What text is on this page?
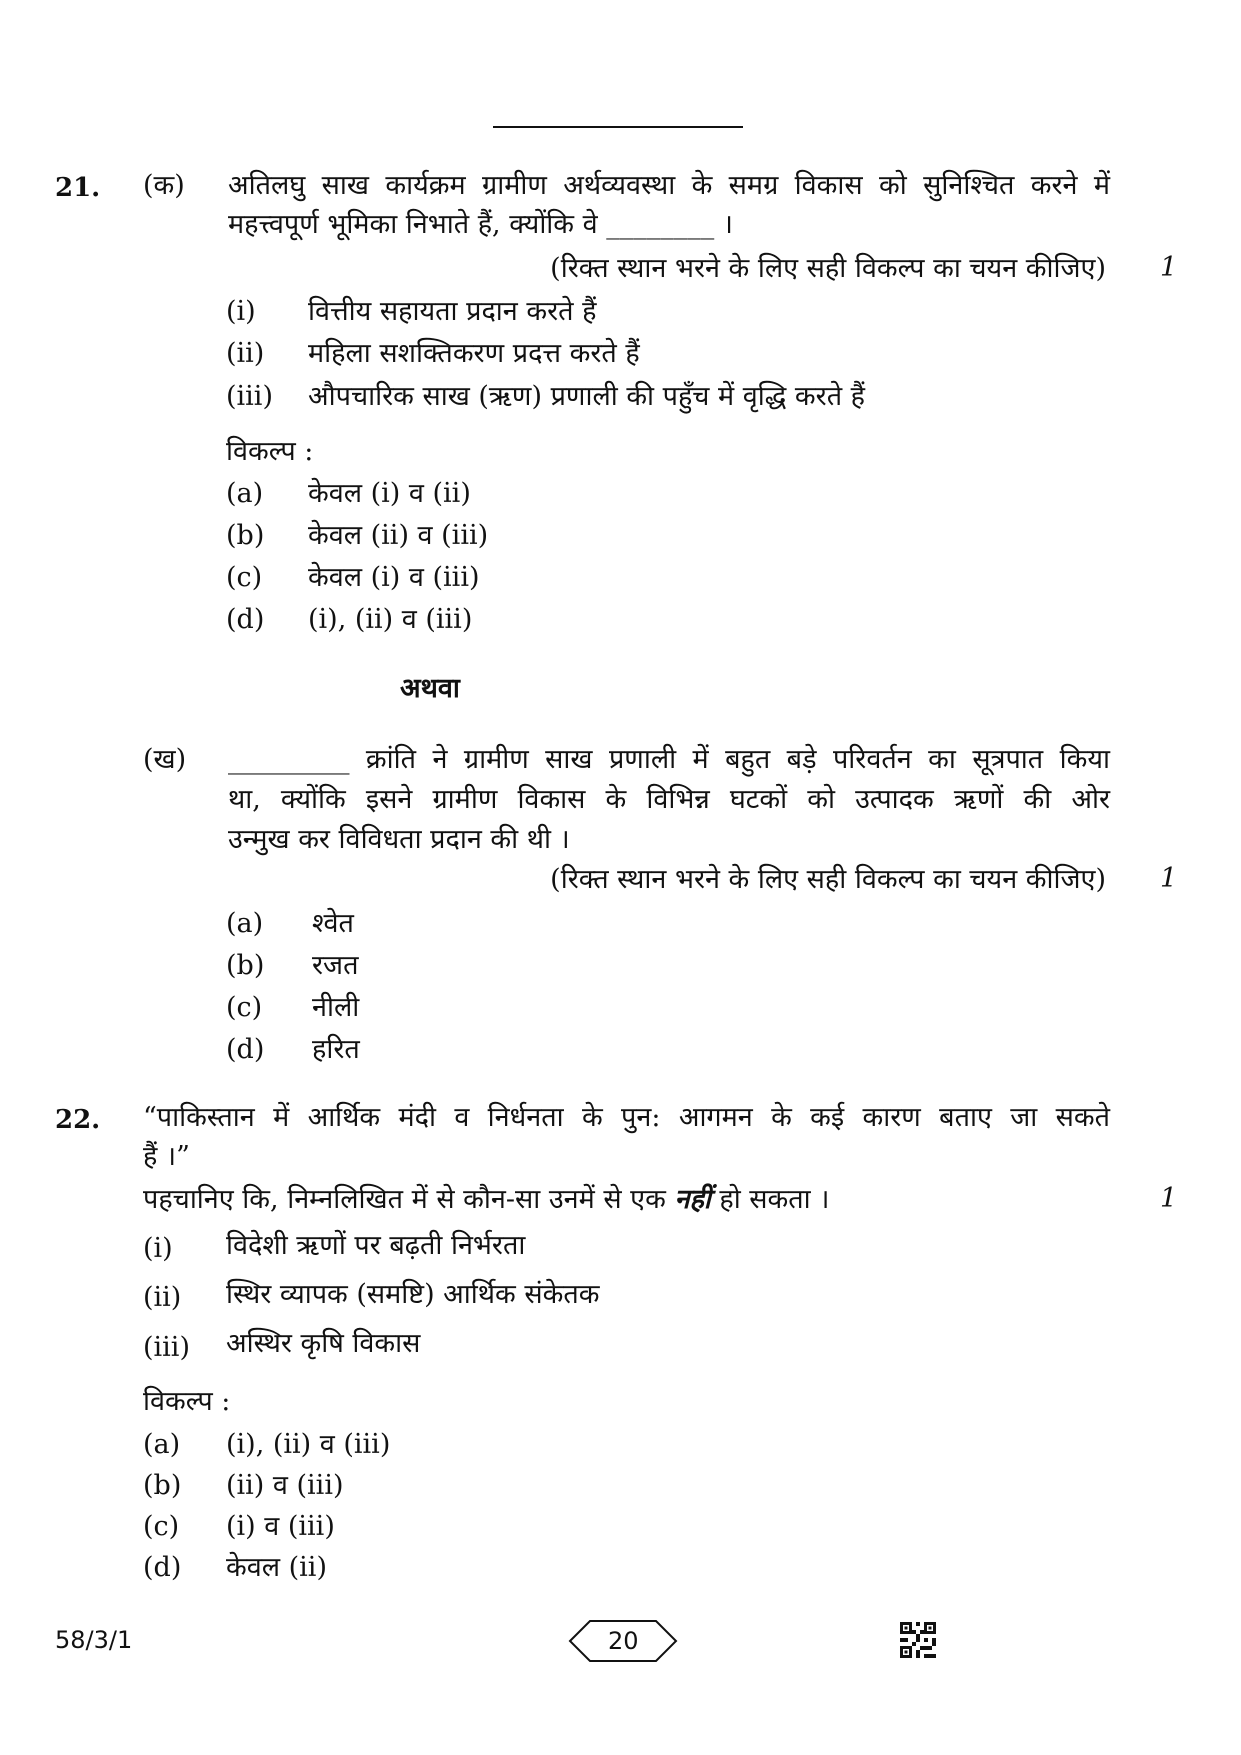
21. (क) अतिलघु साख कार्यक्रम ग्रामीण अर्थव्यवस्था के समग्र विकास को सुनिश्चित करने में
महत्त्वपूर्ण भूमिका निभाते हैं, क्योंकि वे ________ ।
(रिक्त स्थान भरने के लिए सही विकल्प का चयन कीजिए) 1
(i) वित्तीय सहायता प्रदान करते हैं
(ii) महिला सशक्तिकरण प्रदत्त करते हैं
(iii) औपचारिक साख (ऋण) प्रणाली की पहुँच में वृद्धि करते हैं
विकल्प :
(a) केवल (i) व (ii)
(b) केवल (ii) व (iii)
(c) केवल (i) व (iii)
(d) (i), (ii) व (iii)
अथवा
(ख) _________ क्रांति ने ग्रामीण साख प्रणाली में बहुत बड़े परिवर्तन का सूत्रपात किया
था, क्योंकि इसने ग्रामीण विकास के विभिन्न घटकों को उत्पादक ऋणों की ओर
उन्मुख कर विविधता प्रदान की थी ।
(रिक्त स्थान भरने के लिए सही विकल्प का चयन कीजिए) 1
(a) श्वेत
(b) रजत
(c) नीली
(d) हरित
22. “पाकिस्तान में आर्थिक मंदी व निर्धनता के पुन: आगमन के कई कारण बताए जा सकते
हैं ।”
पहचानिए कि, निम्नलिखित में से कौन-सा उनमें से एक नहीं हो सकता ।	1
(i) विदेशी ऋणों पर बढ़ती निर्भरता
(ii) स्थिर व्यापक (समष्टि) आर्थिक संकेतक
(iii) अस्थिर कृषि विकास
विकल्प :
(a) (i), (ii) व (iii)
(b) (ii) व (iii)
(c) (i) व (iii)
(d) केवल (ii)
58/3/1	20
